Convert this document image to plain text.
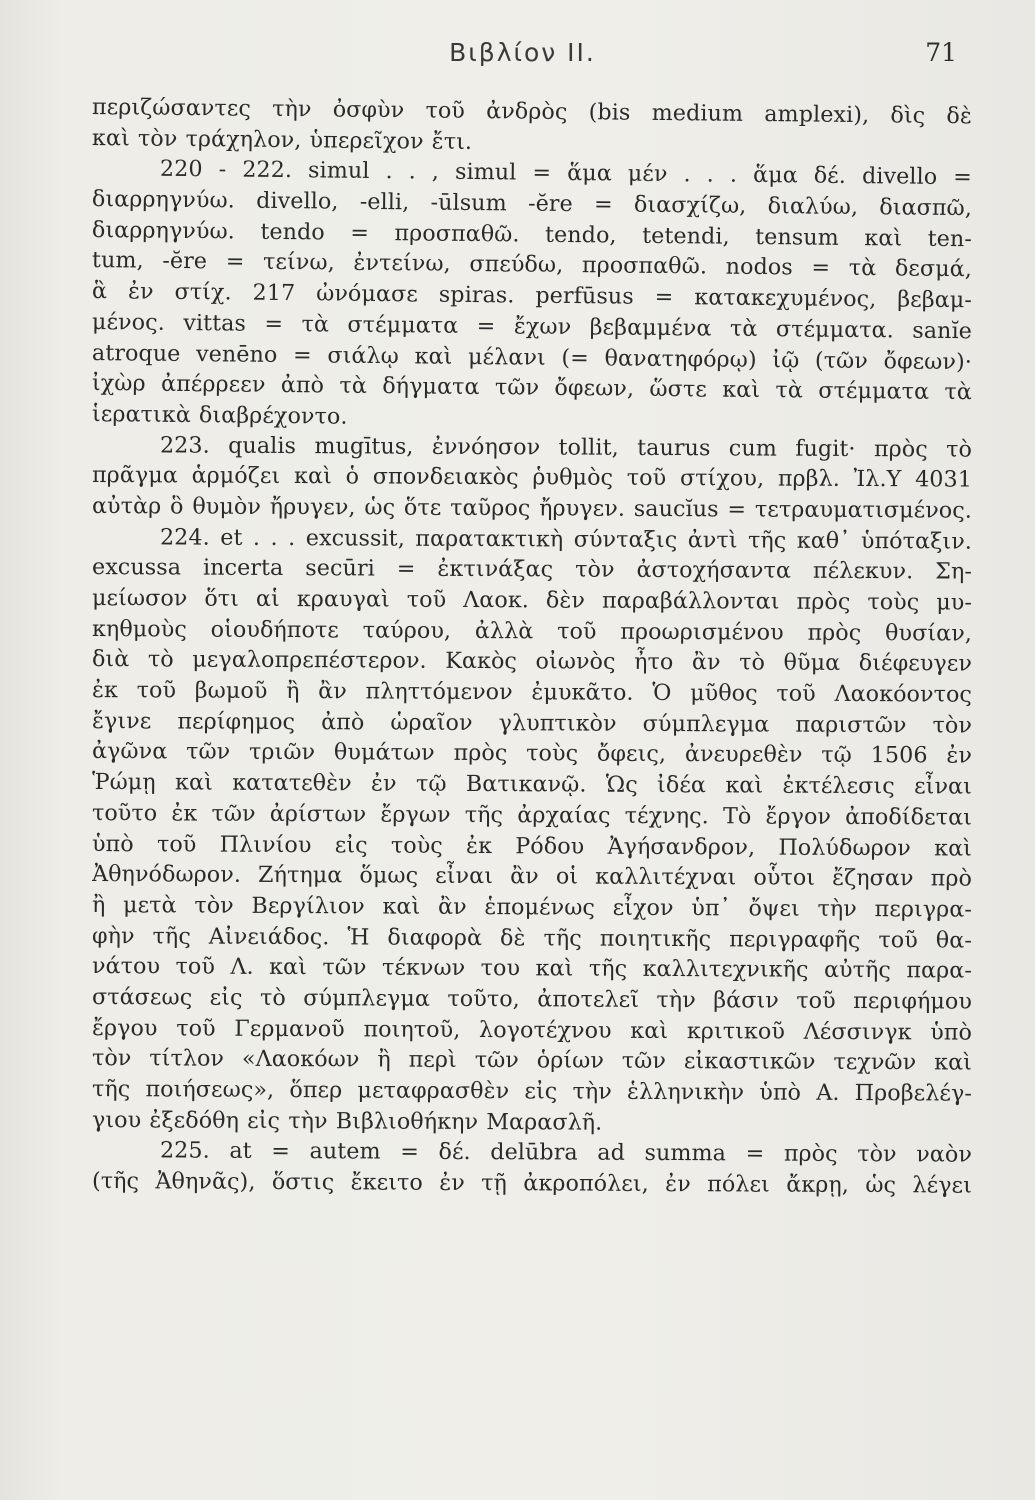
Βιβλίον II.	71
περιζώσαντες τὴν ὀσφὺν τοῦ ἀνδρὸς (bis medium amplexi), δὶς δὲ
καὶ τὸν τράχηλον, ὑπερεῖχον ἔτι.
220 - 222. simul . . , simul = ἅμα μέν . . . ἅμα δέ. divello =
διαρρηγνύω. divello, -elli, -ūlsum -ĕre = διασχίζω, διαλύω, διασπῶ,
διαρρηγνύω. tendo = προσπαθῶ. tendo, tetendi, tensum καὶ ten-
tum, -ĕre = τείνω, ἐντείνω, σπεύδω, προσπαθῶ. nodos = τὰ δεσμά,
ἃ ἐν στίχ. 217 ὠνόμασε spiras. perfūsus = κατακεχυμένος, βεβαμ-
μένος. vittas = τὰ στέμματα = ἔχων βεβαμμένα τὰ στέμματα. sanĭe
atroque venēno = σιάλῳ καὶ μέλανι (= θανατηφόρῳ) ἰῷ (τῶν ὄφεων)·
ἰχὼρ ἀπέρρεεν ἀπὸ τὰ δήγματα τῶν ὄφεων, ὥστε καὶ τὰ στέμματα τὰ
ἱερατικὰ διαβρέχοντο.
223. qualis mugītus, ἐννόησον tollit, taurus cum fugit· πρὸς τὸ
πρᾶγμα ἁρμόζει καὶ ὁ σπονδειακὸς ῥυθμὸς τοῦ στίχου, πρβλ. Ἰλ.Υ 4031
αὐτὰρ ὃ θυμὸν ἤρυγεν, ὡς ὅτε ταῦρος ἤρυγεν. saucĭus = τετραυματισμένος.
224. et . . . excussit, παρατακτικὴ σύνταξις ἀντὶ τῆς καθ᾽ ὑπόταξιν.
excussa incerta secūri = ἐκτινάξας τὸν ἀστοχήσαντα πέλεκυν. Ση-
μείωσον ὅτι αἱ κραυγαὶ τοῦ Λαοκ. δὲν παραβάλλονται πρὸς τοὺς μυ-
κηθμοὺς οἱουδήποτε ταύρου, ἀλλὰ τοῦ προωρισμένου πρὸς θυσίαν,
διὰ τὸ μεγαλοπρεπέστερον. Κακὸς οἰωνὸς ἦτο ἂν τὸ θῦμα διέφευγεν
ἐκ τοῦ βωμοῦ ἢ ἂν πληττόμενον ἐμυκᾶτο. Ὁ μῦθος τοῦ Λαοκόοντος
ἔγινε περίφημος ἀπὸ ὡραῖον γλυπτικὸν σύμπλεγμα παριστῶν τὸν
ἀγῶνα τῶν τριῶν θυμάτων πρὸς τοὺς ὄφεις, ἀνευρεθὲν τῷ 1506 ἐν
Ῥώμῃ καὶ κατατεθὲν ἐν τῷ Βατικανῷ. Ὡς ἰδέα καὶ ἐκτέλεσις εἶναι
τοῦτο ἐκ τῶν ἀρίστων ἔργων τῆς ἀρχαίας τέχνης. Τὸ ἔργον ἀποδίδεται
ὑπὸ τοῦ Πλινίου εἰς τοὺς ἐκ Ρόδου Ἀγήσανδρον, Πολύδωρον καὶ
Ἀθηνόδωρον. Ζήτημα ὅμως εἶναι ἂν οἱ καλλιτέχναι οὗτοι ἔζησαν πρὸ
ἢ μετὰ τὸν Βεργίλιον καὶ ἂν ἑπομένως εἶχον ὑπ᾽ ὄψει τὴν περιγρα-
φὴν τῆς Αἰνειάδος. Ἡ διαφορὰ δὲ τῆς ποιητικῆς περιγραφῆς τοῦ θα-
νάτου τοῦ Λ. καὶ τῶν τέκνων του καὶ τῆς καλλιτεχνικῆς αὐτῆς παρα-
στάσεως εἰς τὸ σύμπλεγμα τοῦτο, ἀποτελεῖ τὴν βάσιν τοῦ περιφήμου
ἔργου τοῦ Γερμανοῦ ποιητοῦ, λογοτέχνου καὶ κριτικοῦ Λέσσινγκ ὑπὸ
τὸν τίτλον «Λαοκόων ἢ περὶ τῶν ὁρίων τῶν εἰκαστικῶν τεχνῶν καὶ
τῆς ποιήσεως», ὅπερ μεταφρασθὲν εἰς τὴν ἑλληνικὴν ὑπὸ Α. Προβελέγ-
γιου ἐξεδόθη εἰς τὴν Βιβλιοθήκην Μαρασλῆ.
225. at = autem = δέ. delūbra ad summa = πρὸς τὸν ναὸν
(τῆς Ἀθηνᾶς), ὅστις ἔκειτο ἐν τῇ ἀκροπόλει, ἐν πόλει ἄκρῃ, ὡς λέγει
